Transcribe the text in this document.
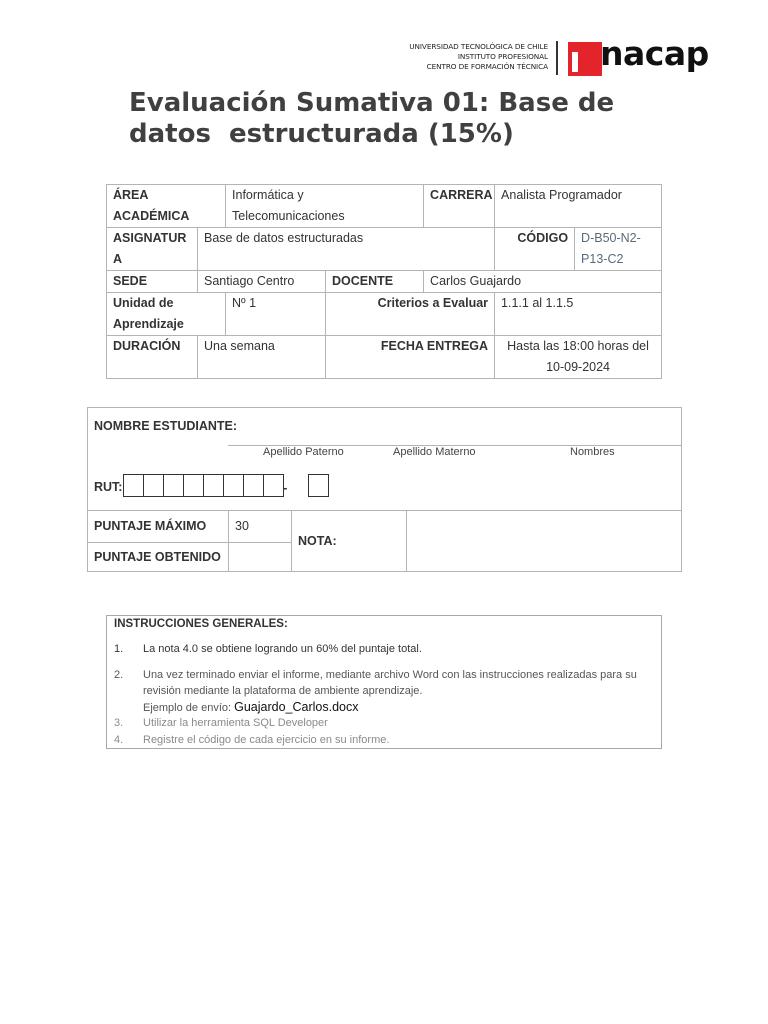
UNIVERSIDAD TECNOLÓGICA DE CHILE
INSTITUTO PROFESIONAL
CENTRO DE FORMACIÓN TÉCNICA nacap
Evaluación Sumativa 01: Base de datos  estructurada (15%)
ÁREA ACADÉMICA		Informática y Telecomunicaciones		CARRERA	Analista Programador	
ASIGNATURA	Base de datos estructuradas				CÓDIGO	D-B50-N2-P13-C2
SEDE	Santiago Centro		DOCENTE	Carlos Guajardo		
Unidad de Aprendizaje		Nº 1	Criterios a Evaluar		1.1.1 al 1.1.5	
DURACIÓN	Una semana		FECHA ENTREGA		Hasta las 18:00 horas del 10-09-2024	
NOMBRE ESTUDIANTE:
Apellido Paterno	Apellido Materno	Nombres
RUT:	-
PUNTAJE MÁXIMO 30
PUNTAJE OBTENIDO
NOTA:
INSTRUCCIONES GENERALES:
1. La nota 4.0 se obtiene logrando un 60% del puntaje total.
2. Una vez terminado enviar el informe, mediante archivo Word con las instrucciones realizadas para su revisión mediante la plataforma de ambiente aprendizaje.
Ejemplo de envío: Guajardo_Carlos.docx
3. Utilizar la herramienta SQL Developer
4. Registre el código de cada ejercicio en su informe.
